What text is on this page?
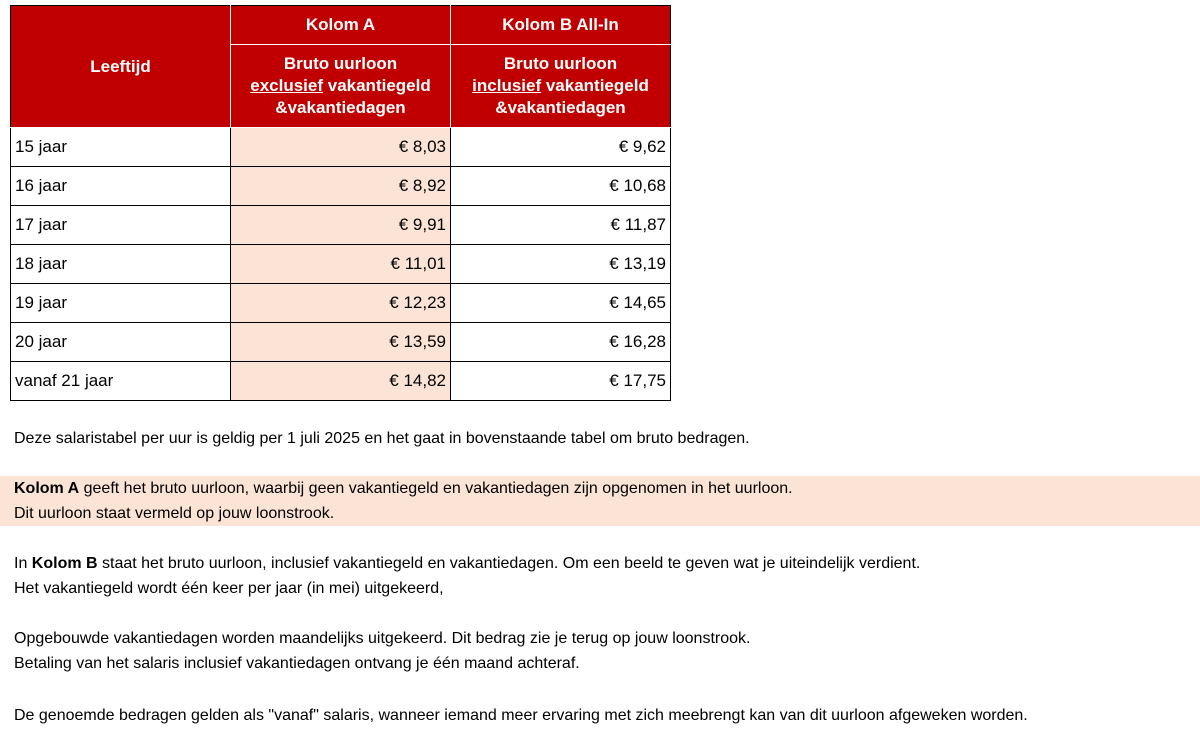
Leeftijd	Kolom A	Kolom B All-In
	Bruto uurloon
exclusief vakantiegeld
&vakantiedagen	Bruto uurloon
inclusief vakantiegeld
&vakantiedagen
15 jaar	€ 8,03	€ 9,62
16 jaar	€ 8,92	€ 10,68
17 jaar	€ 9,91	€ 11,87
18 jaar	€ 11,01	€ 13,19
19 jaar	€ 12,23	€ 14,65
20 jaar	€ 13,59	€ 16,28
vanaf 21 jaar	€ 14,82	€ 17,75
Deze salaristabel per uur is geldig per 1 juli 2025 en het gaat in bovenstaande tabel om bruto bedragen.
Kolom A geeft het bruto uurloon, waarbij geen vakantiegeld en vakantiedagen zijn opgenomen in het uurloon.
Dit uurloon staat vermeld op jouw loonstrook.
In Kolom B staat het bruto uurloon, inclusief vakantiegeld en vakantiedagen. Om een beeld te geven wat je uiteindelijk verdient.
Het vakantiegeld wordt één keer per jaar (in mei) uitgekeerd,
Opgebouwde vakantiedagen worden maandelijks uitgekeerd. Dit bedrag zie je terug op jouw loonstrook.
Betaling van het salaris inclusief vakantiedagen ontvang je één maand achteraf.
De genoemde bedragen gelden als "vanaf" salaris, wanneer iemand meer ervaring met zich meebrengt kan van dit uurloon afgeweken worden.
